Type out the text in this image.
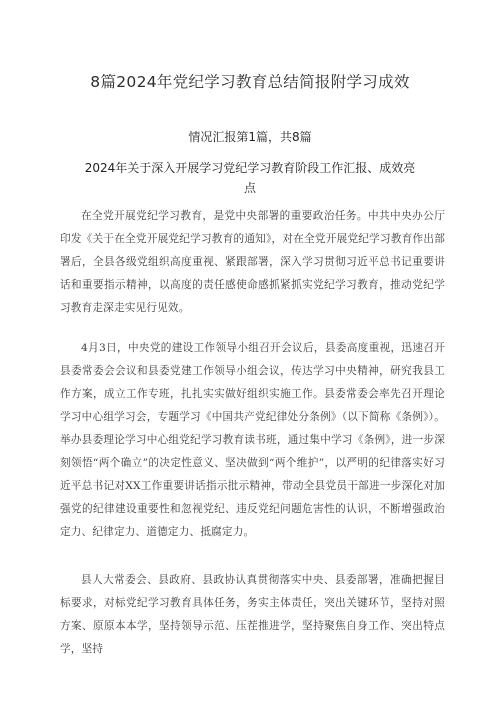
8篇2024年党纪学习教育总结简报附学习成效
情况汇报第1篇，共8篇
2024年关于深入开展学习党纪学习教育阶段工作汇报、成效亮点

在全党开展党纪学习教育，是党中央部署的重要政治任务。中共中央办公厅印发《关于在全党开展党纪学习教育的通知》，对在全党开展党纪学习教育作出部署后，全县各级党组织高度重视、紧跟部署，深入学习贯彻习近平总书记重要讲话和重要指示精神，以高度的责任感使命感抓紧抓实党纪学习教育，推动党纪学习教育走深走实见行见效。

4月3日，中央党的建设工作领导小组召开会议后，县委高度重视，迅速召开县委常委会会议和县委党建工作领导小组会议，传达学习中央精神，研究我县工作方案，成立工作专班，扎扎实实做好组织实施工作。县委常委会率先召开理论学习中心组学习会，专题学习《中国共产党纪律处分条例》（以下简称《条例》）。举办县委理论学习中心组党纪学习教育读书班，通过集中学习《条例》，进一步深刻领悟“两个确立”的决定性意义、坚决做到“两个维护”，以严明的纪律落实好习近平总书记对XX工作重要讲话指示批示精神，带动全县党员干部进一步深化对加强党的纪律建设重要性和忽视党纪、违反党纪问题危害性的认识，不断增强政治定力、纪律定力、道德定力、抵腐定力。

县人大常委会、县政府、县政协认真贯彻落实中央、县委部署，准确把握目标要求，对标党纪学习教育具体任务，务实主体责任，突出关键环节，坚持对照方案、原原本本学，坚持领导示范、压茬推进学，坚持聚焦自身工作、突出特点学，坚持
